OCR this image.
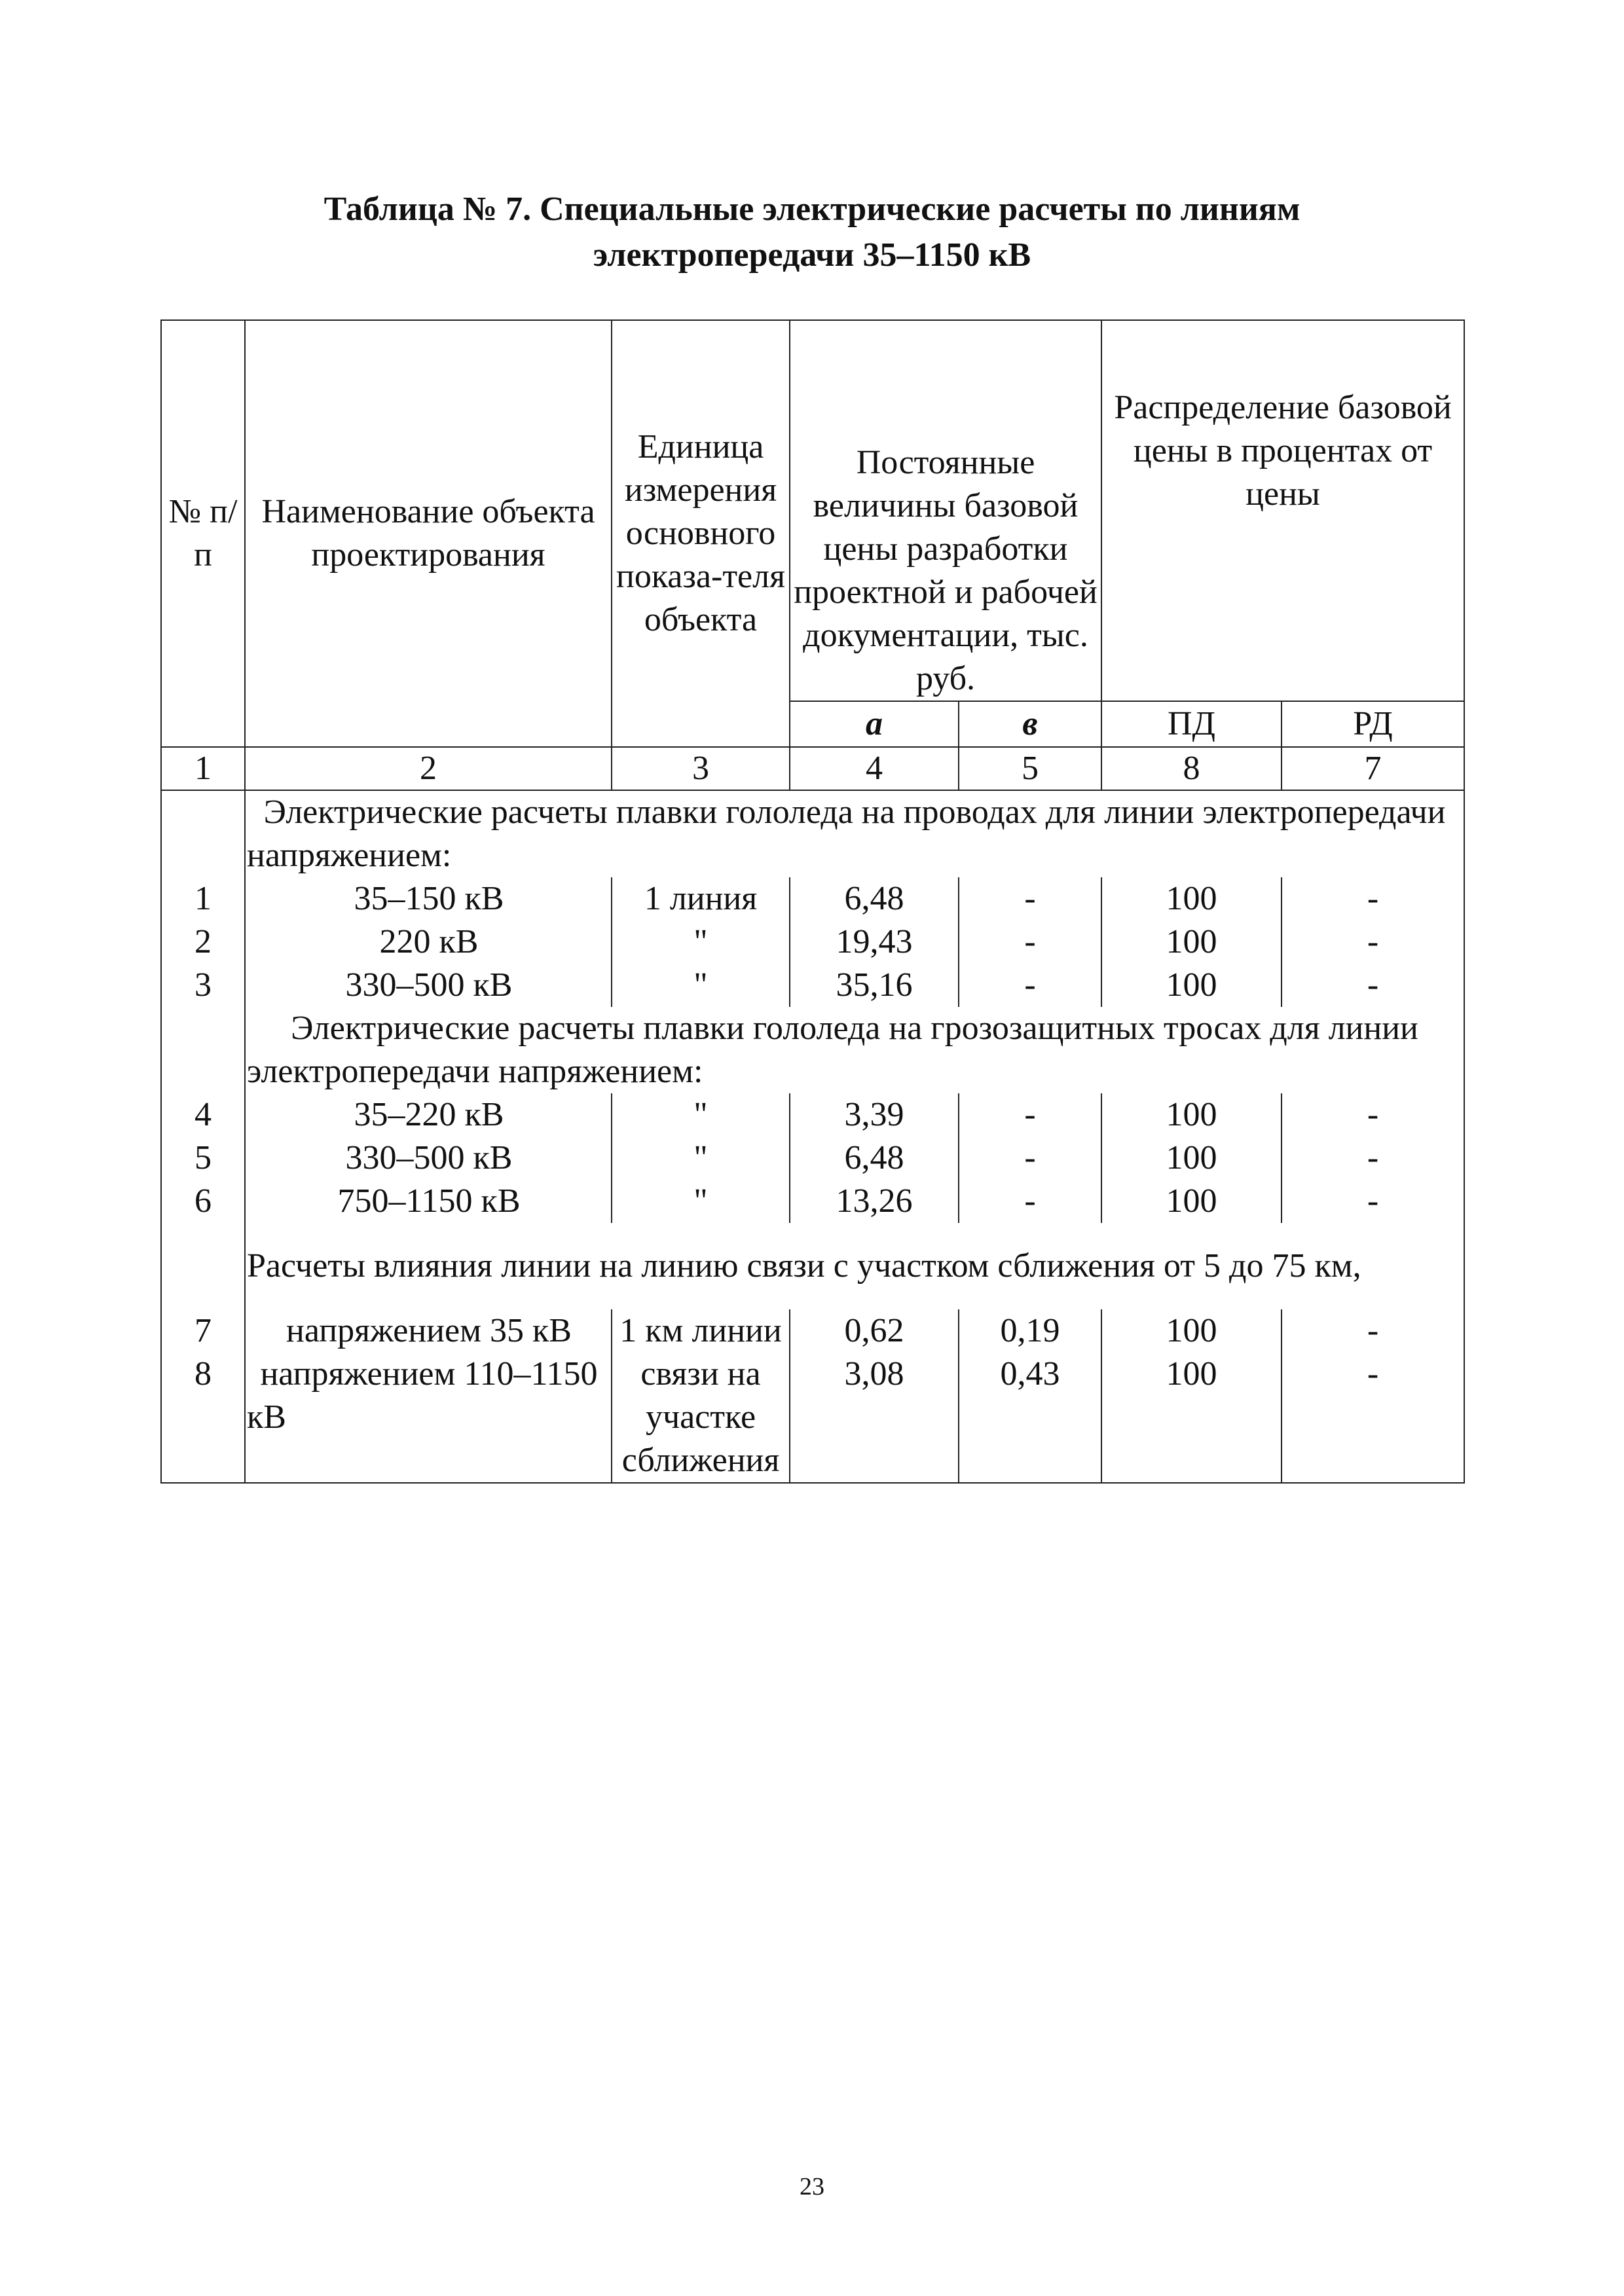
Таблица № 7. Специальные электрические расчеты по линиям
электропередачи 35–1150 кВ
№ п/п	Наименование объекта проектирования	Единица измерения основного показа-теля объекта	Постоянные величины базовой цены разработки проектной и рабочей документации, тыс. руб.		Распределение базовой цены в процентах от цены	
			а	в	ПД	РД
1	2	3	4	5	8	7
	Электрические расчеты плавки гололеда на проводах для линии электропередачи напряжением:					
1	35–150 кВ	1 линия	6,48	-	100	-
2	220 кВ	"	19,43	-	100	-
3	330–500 кВ	"	35,16	-	100	-
	Электрические расчеты плавки гололеда на грозозащитных тросах для линии электропередачи напряжением:					
4	35–220 кВ	"	3,39	-	100	-
5	330–500 кВ	"	6,48	-	100	-
6	750–1150 кВ	"	13,26	-	100	-
	Расчеты влияния линии на линию связи с участком сближения от 5 до 75 км,					
7	напряжением 35 кВ	1 км линии	0,62	0,19	100	-
8	напряжением 110–1150 кВ	связи на участке сближения	3,08	0,43	100	-
23
